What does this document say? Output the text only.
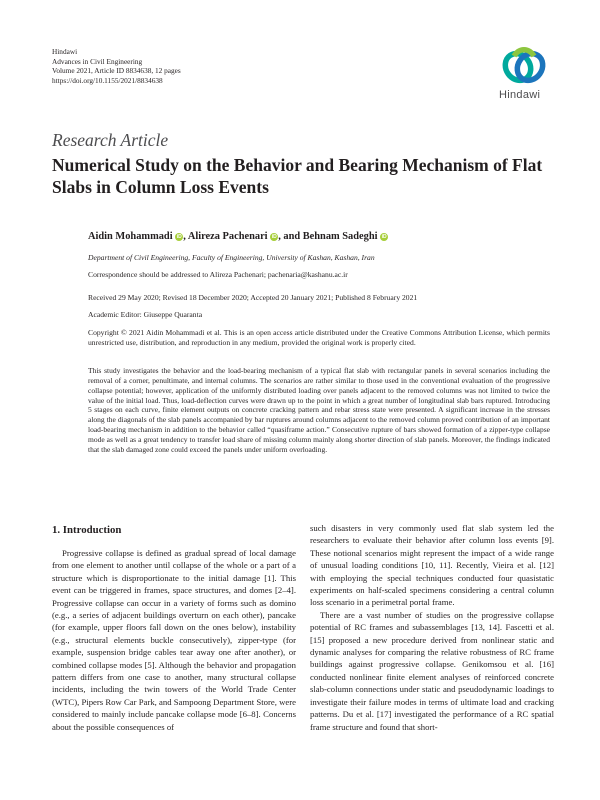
Hindawi
Advances in Civil Engineering
Volume 2021, Article ID 8834638, 12 pages
https://doi.org/10.1155/2021/8834638
Hindawi
Research Article
Numerical Study on the Behavior and Bearing Mechanism of Flat Slabs in Column Loss Events
Aidin Mohammadi iD , Alireza Pachenari iD , and Behnam Sadeghi iD
Department of Civil Engineering, Faculty of Engineering, University of Kashan, Kashan, Iran
Correspondence should be addressed to Alireza Pachenari; pachenaria@kashanu.ac.ir
Received 29 May 2020; Revised 18 December 2020; Accepted 20 January 2021; Published 8 February 2021
Academic Editor: Giuseppe Quaranta
Copyright © 2021 Aidin Mohammadi et al. This is an open access article distributed under the Creative Commons Attribution License, which permits unrestricted use, distribution, and reproduction in any medium, provided the original work is properly cited.
This study investigates the behavior and the load-bearing mechanism of a typical flat slab with rectangular panels in several scenarios including the removal of a corner, penultimate, and internal columns. The scenarios are rather similar to those used in the conventional evaluation of the progressive collapse potential; however, application of the uniformly distributed loading over panels adjacent to the removed columns was not limited to twice the value of the initial load. Thus, load-deflection curves were drawn up to the point in which a great number of longitudinal slab bars ruptured. Introducing 5 stages on each curve, finite element outputs on concrete cracking pattern and rebar stress state were presented. A significant increase in the stresses along the diagonals of the slab panels accompanied by bar ruptures around columns adjacent to the removed column proved contribution of an important load-bearing mechanism in addition to the behavior called “quasiframe action.” Consecutive rupture of bars showed formation of a zipper-type collapse mode as well as a great tendency to transfer load share of missing column mainly along shorter direction of slab panels. Moreover, the findings indicated that the slab damaged zone could exceed the panels under uniform overloading.
1. Introduction

Progressive collapse is defined as gradual spread of local damage from one element to another until collapse of the whole or a part of a structure which is disproportionate to the initial damage [1]. This event can be triggered in frames, space structures, and domes [2–4]. Progressive collapse can occur in a variety of forms such as domino (e.g., a series of adjacent buildings overturn on each other), pancake (for example, upper floors fall down on the ones below), instability (e.g., structural elements buckle consecutively), zipper-type (for example, suspension bridge cables tear away one after another), or combined collapse modes [5]. Although the behavior and propagation pattern differs from one case to another, many structural collapse incidents, including the twin towers of the World Trade Center (WTC), Pipers Row Car Park, and Sampoong Department Store, were considered to mainly include pancake collapse mode [6–8]. Concerns about the possible consequences of

such disasters in very commonly used flat slab system led the researchers to evaluate their behavior after column loss events [9]. These notional scenarios might represent the impact of a wide range of unusual loading conditions [10, 11]. Recently, Vieira et al. [12] with employing the special techniques conducted four quasistatic experiments on half-scaled specimens considering a central column loss scenario in a perimetral portal frame.

There are a vast number of studies on the progressive collapse potential of RC frames and subassemblages [13, 14]. Fascetti et al. [15] proposed a new procedure derived from nonlinear static and dynamic analyses for comparing the relative robustness of RC frame buildings against progressive collapse. Genikomsou et al. [16] conducted nonlinear finite element analyses of reinforced concrete slab-column connections under static and pseudodynamic loadings to investigate their failure modes in terms of ultimate load and cracking patterns. Du et al. [17] investigated the performance of a RC spatial frame structure and found that short-
